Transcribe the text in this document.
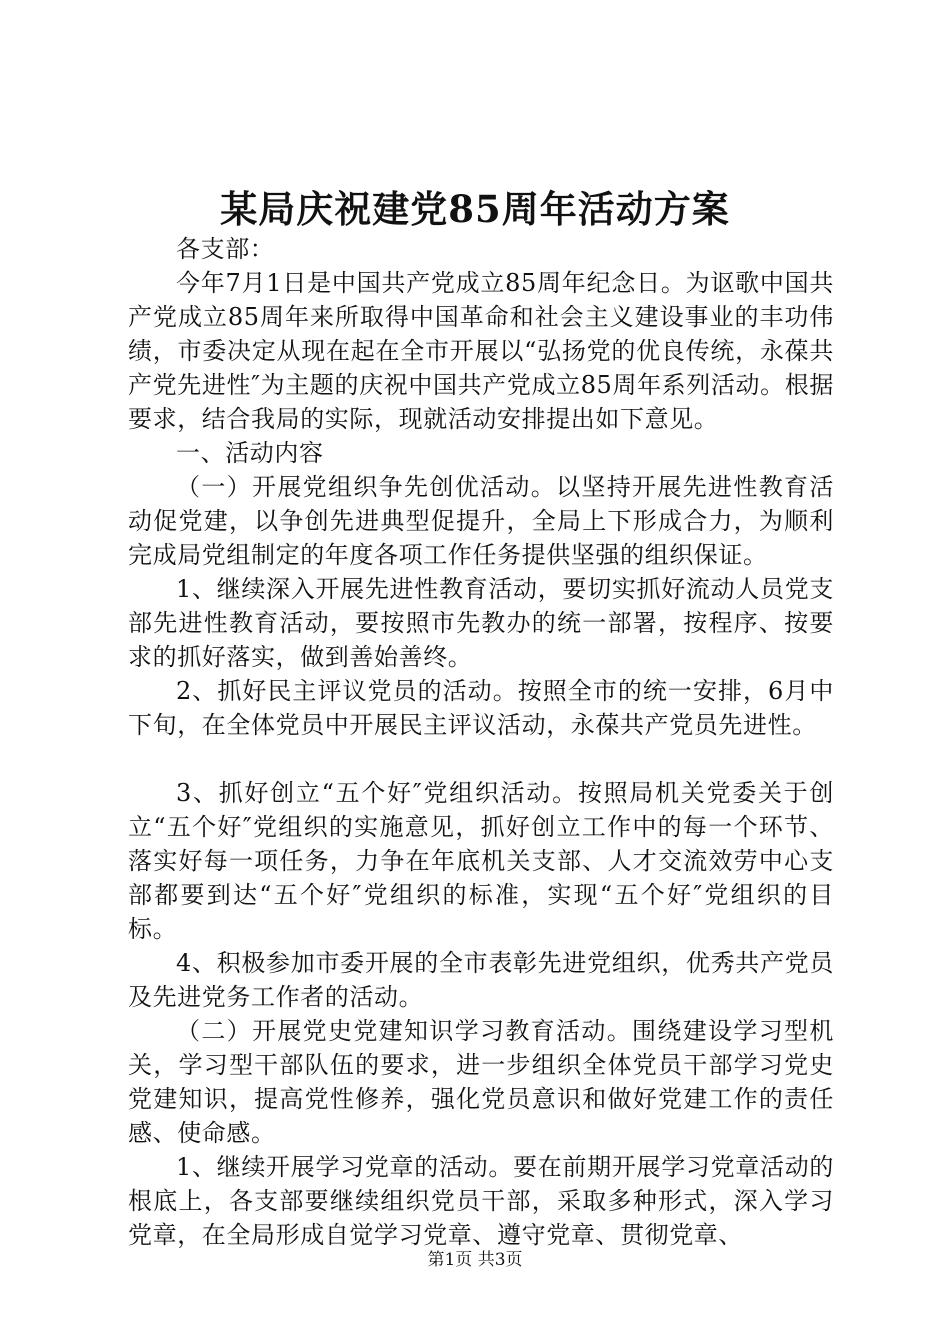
某局庆祝建党85周年活动方案

各支部：

今年7月1日是中国共产党成立85周年纪念日。为讴歌中国共产党成立85周年来所取得中国革命和社会主义建设事业的丰功伟绩，市委决定从现在起在全市开展以“弘扬党的优良传统，永葆共产党先进性″为主题的庆祝中国共产党成立85周年系列活动。根据要求，结合我局的实际，现就活动安排提出如下意见。

一、活动内容

（一）开展党组织争先创优活动。以坚持开展先进性教育活动促党建，以争创先进典型促提升，全局上下形成合力，为顺利完成局党组制定的年度各项工作任务提供坚强的组织保证。

1、继续深入开展先进性教育活动，要切实抓好流动人员党支部先进性教育活动，要按照市先教办的统一部署，按程序、按要求的抓好落实，做到善始善终。

2、抓好民主评议党员的活动。按照全市的统一安排，6月中下旬，在全体党员中开展民主评议活动，永葆共产党员先进性。

3、抓好创立“五个好″党组织活动。按照局机关党委关于创立“五个好″党组织的实施意见，抓好创立工作中的每一个环节、落实好每一项任务，力争在年底机关支部、人才交流效劳中心支部都要到达“五个好″党组织的标准，实现“五个好″党组织的目标。

4、积极参加市委开展的全市表彰先进党组织，优秀共产党员及先进党务工作者的活动。

（二）开展党史党建知识学习教育活动。围绕建设学习型机关，学习型干部队伍的要求，进一步组织全体党员干部学习党史党建知识，提高党性修养，强化党员意识和做好党建工作的责任感、使命感。

1、继续开展学习党章的活动。要在前期开展学习党章活动的根底上，各支部要继续组织党员干部，采取多种形式，深入学习党章，在全局形成自觉学习党章、遵守党章、贯彻党章、

第1页 共3页
